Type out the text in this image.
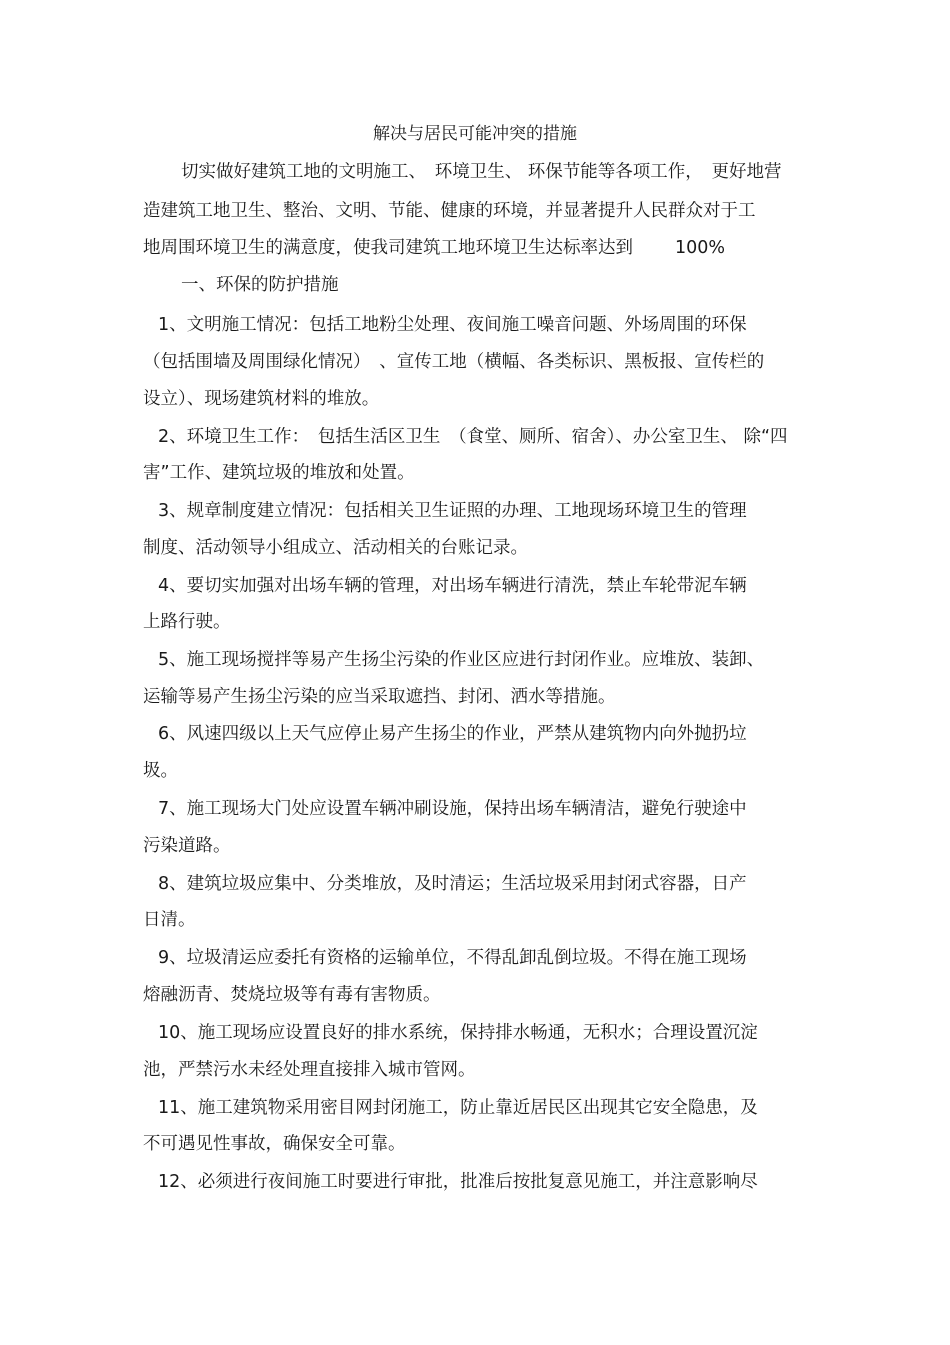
解决与居民可能冲突的措施
切实做好建筑工地的文明施工、　环境卫生、 环保节能等各项工作，　更好地营
造建筑工地卫生、整治、文明、节能、健康的环境，并显著提升人民群众对于工
地周围环境卫生的满意度，使我司建筑工地环境卫生达标率达到 100%
一、环保的防护措施
1、文明施工情况：包括工地粉尘处理、夜间施工噪音问题、外场周围的环保
（包括围墙及周围绿化情况）　、宣传工地（横幅、各类标识、黑板报、宣传栏的
设立）、现场建筑材料的堆放。
2、环境卫生工作：　包括生活区卫生　（食堂、厕所、宿舍）、办公室卫生、 除“四
害”工作、建筑垃圾的堆放和处置。
3、规章制度建立情况：包括相关卫生证照的办理、工地现场环境卫生的管理
制度、活动领导小组成立、活动相关的台账记录。
4、要切实加强对出场车辆的管理，对出场车辆进行清洗，禁止车轮带泥车辆
上路行驶。
5、施工现场搅拌等易产生扬尘污染的作业区应进行封闭作业。应堆放、装卸、
运输等易产生扬尘污染的应当采取遮挡、封闭、洒水等措施。
6、风速四级以上天气应停止易产生扬尘的作业，严禁从建筑物内向外抛扔垃
圾。
7、施工现场大门处应设置车辆冲刷设施，保持出场车辆清洁，避免行驶途中
污染道路。
8、建筑垃圾应集中、分类堆放，及时清运；生活垃圾采用封闭式容器，日产
日清。
9、垃圾清运应委托有资格的运输单位，不得乱卸乱倒垃圾。不得在施工现场
熔融沥青、焚烧垃圾等有毒有害物质。
10、施工现场应设置良好的排水系统，保持排水畅通，无积水；合理设置沉淀
池，严禁污水未经处理直接排入城市管网。
11、施工建筑物采用密目网封闭施工，防止靠近居民区出现其它安全隐患，及
不可遇见性事故，确保安全可靠。
12、必须进行夜间施工时要进行审批，批准后按批复意见施工，并注意影响尽
